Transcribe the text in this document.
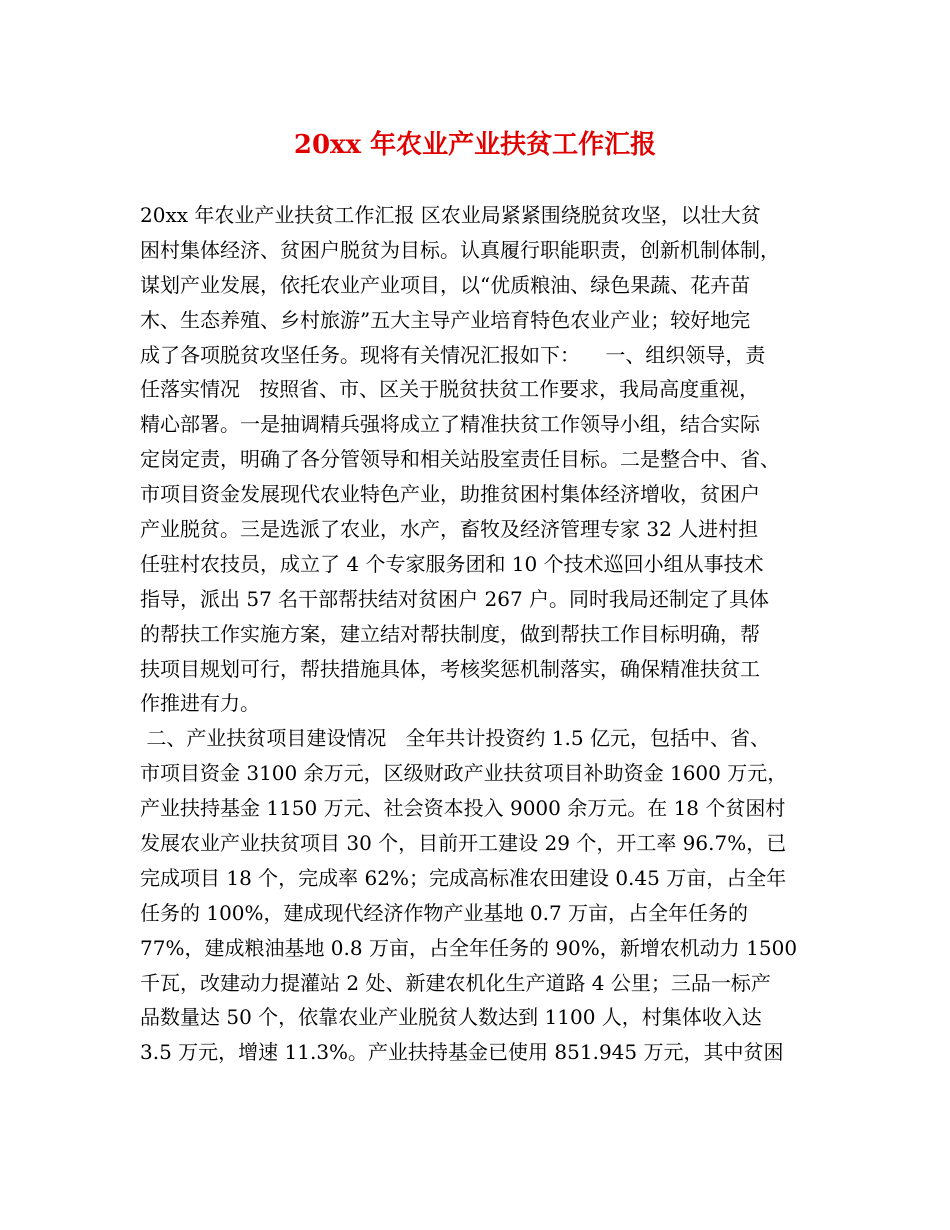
20xx 年农业产业扶贫工作汇报

20xx 年农业产业扶贫工作汇报 区农业局紧紧围绕脱贫攻坚，以壮大贫

困村集体经济、贫困户脱贫为目标。认真履行职能职责，创新机制体制，

谋划产业发展，依托农业产业项目，以“优质粮油、绿色果蔬、花卉苗

木、生态养殖、乡村旅游”五大主导产业培育特色农业产业；较好地完

成了各项脱贫攻坚任务。现将有关情况汇报如下：    一、组织领导，责

任落实情况   按照省、市、区关于脱贫扶贫工作要求，我局高度重视，

精心部署。一是抽调精兵强将成立了精准扶贫工作领导小组，结合实际

定岗定责，明确了各分管领导和相关站股室责任目标。二是整合中、省、

市项目资金发展现代农业特色产业，助推贫困村集体经济增收，贫困户

产业脱贫。三是选派了农业，水产，畜牧及经济管理专家 32 人进村担

任驻村农技员，成立了 4 个专家服务团和 10 个技术巡回小组从事技术

指导，派出 57 名干部帮扶结对贫困户 267 户。同时我局还制定了具体

的帮扶工作实施方案，建立结对帮扶制度，做到帮扶工作目标明确，帮

扶项目规划可行，帮扶措施具体，考核奖惩机制落实，确保精准扶贫工

作推进有力。

二、产业扶贫项目建设情况   全年共计投资约 1.5 亿元，包括中、省、

市项目资金 3100 余万元，区级财政产业扶贫项目补助资金 1600 万元，

产业扶持基金 1150 万元、社会资本投入 9000 余万元。在 18 个贫困村

发展农业产业扶贫项目 30 个，目前开工建设 29 个，开工率 96.7%，已

完成项目 18 个，完成率 62%；完成高标准农田建设 0.45 万亩，占全年

任务的 100%，建成现代经济作物产业基地 0.7 万亩，占全年任务的

77%，建成粮油基地 0.8 万亩，占全年任务的 90%，新增农机动力 1500

千瓦，改建动力提灌站 2 处、新建农机化生产道路 4 公里；三品一标产

品数量达 50 个，依靠农业产业脱贫人数达到 1100 人，村集体收入达

3.5 万元，增速 11.3%。产业扶持基金已使用 851.945 万元，其中贫困
